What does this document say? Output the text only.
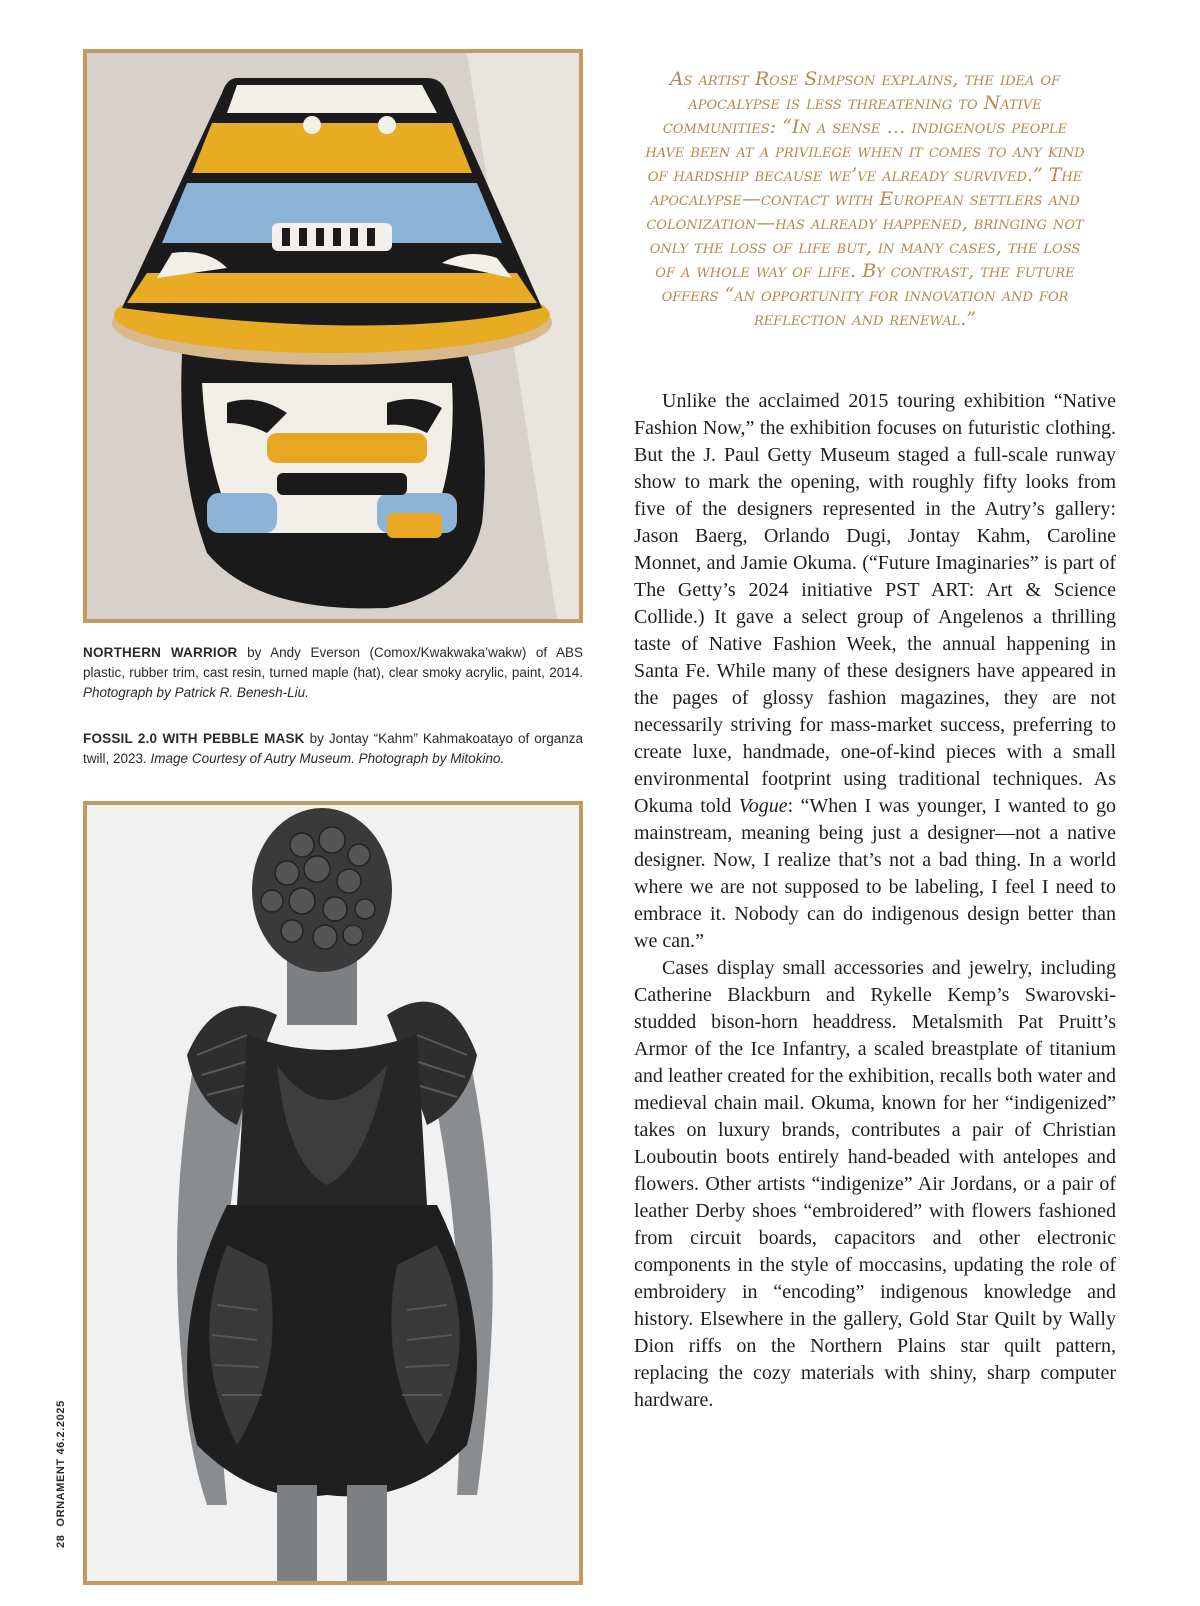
NORTHERN WARRIOR by Andy Everson (Comox/Kwakwaka’wakw) of ABS plastic, rubber trim, cast resin, turned maple (hat), clear smoky acrylic, paint, 2014. Photograph by Patrick R. Benesh-Liu.
FOSSIL 2.0 WITH PEBBLE MASK by Jontay “Kahm” Kahmakoatayo of organza twill, 2023. Image Courtesy of Autry Museum. Photograph by Mitokino.
As artist Rose Simpson explains, the idea of apocalypse is less threatening to Native communities: “In a sense … indigenous people have been at a privilege when it comes to any kind of hardship because we’ve already survived.” The apocalypse—contact with European settlers and colonization—has already happened, bringing not only the loss of life but, in many cases, the loss of a whole way of life. By contrast, the future offers “an opportunity for innovation and for reflection and renewal.”

Unlike the acclaimed 2015 touring exhibition “Native Fashion Now,” the exhibition focuses on futuristic clothing. But the J. Paul Getty Museum staged a full-scale runway show to mark the opening, with roughly fifty looks from five of the designers represented in the Autry’s gallery: Jason Baerg, Orlando Dugi, Jontay Kahm, Caroline Monnet, and Jamie Okuma. (“Future Imaginaries” is part of The Getty’s 2024 initiative PST ART: Art & Science Collide.) It gave a select group of Angelenos a thrilling taste of Native Fashion Week, the annual happening in Santa Fe. While many of these designers have appeared in the pages of glossy fashion magazines, they are not necessarily striving for mass-market success, preferring to create luxe, handmade, one-of-kind pieces with a small environmental footprint using traditional techniques. As Okuma told Vogue: “When I was younger, I wanted to go mainstream, meaning being just a designer—not a native designer. Now, I realize that’s not a bad thing. In a world where we are not supposed to be labeling, I feel I need to embrace it. Nobody can do indigenous design better than we can.”

Cases display small accessories and jewelry, including Catherine Blackburn and Rykelle Kemp’s Swarovski-studded bison-horn headdress. Metalsmith Pat Pruitt’s Armor of the Ice Infantry, a scaled breastplate of titanium and leather created for the exhibition, recalls both water and medieval chain mail. Okuma, known for her “indigenized” takes on luxury brands, contributes a pair of Christian Louboutin boots entirely hand-beaded with antelopes and flowers. Other artists “indigenize” Air Jordans, or a pair of leather Derby shoes “embroidered” with flowers fashioned from circuit boards, capacitors and other electronic components in the style of moccasins, updating the role of embroidery in “encoding” indigenous knowledge and history. Elsewhere in the gallery, Gold Star Quilt by Wally Dion riffs on the Northern Plains star quilt pattern, replacing the cozy materials with shiny, sharp computer hardware.

28ORNAMENT 46.2.2025
